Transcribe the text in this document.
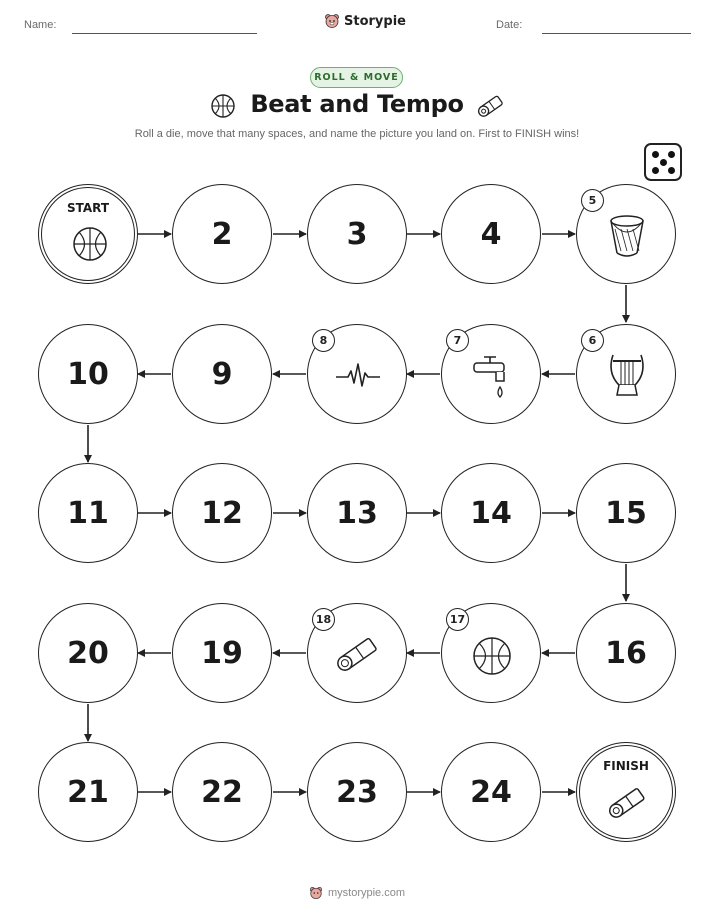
Name:	Date:
Storypie
ROLL & MOVE
Beat and Tempo
Roll a die, move that many spaces, and name the picture you land on. First to FINISH wins!
START
2	3	4
5
10	9
8	7	6
11	12	13	14	15
20	19
18	17
16
21	22	23	24
FINISH
mystorypie.com
